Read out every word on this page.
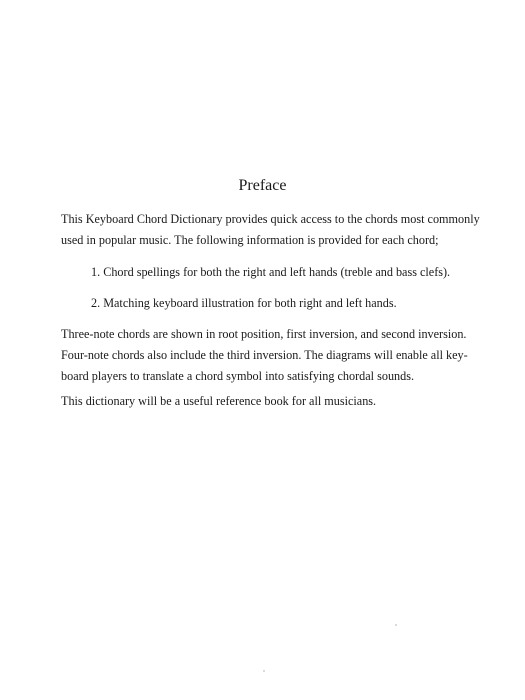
Preface

This Keyboard Chord Dictionary provides quick access to the chords most commonly
used in popular music. The following information is provided for each chord;

1. Chord spellings for both the right and left hands (treble and bass clefs).
2. Matching keyboard illustration for both right and left hands.

Three-note chords are shown in root position, first inversion, and second inversion.
Four-note chords also include the third inversion. The diagrams will enable all key-
board players to translate a chord symbol into satisfying chordal sounds.

This dictionary will be a useful reference book for all musicians.
